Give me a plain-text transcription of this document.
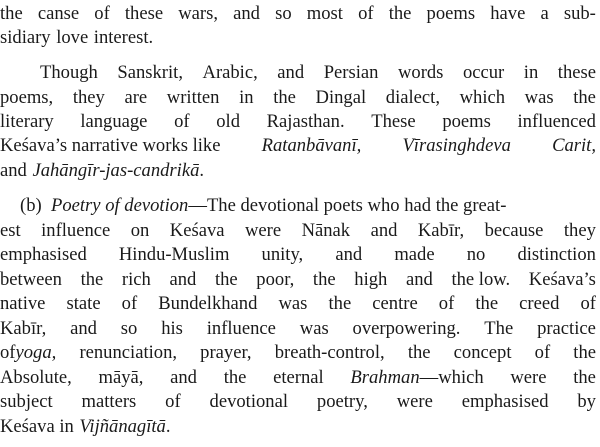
the canse of these wars, and so most of the poems have a sub-
sidiary love interest.
Though Sanskrit, Arabic, and Persian words occur in these
poems, they are written in the Dingal dialect, which was the
literary language of old Rajasthan. These poems influenced
Keśava’s narrative works like Ratanbāvanī, Vīrasinghdeva Carit,
and Jahāngīr-jas-candrikā.
(b) Poetry of devotion—The devotional poets who had the great-
est influence on Keśava were Nānak and Kabīr, because they
emphasised Hindu-Muslim unity, and made no distinction
between the rich and the poor, the high and the low. Keśava’s
native state of Bundelkhand was the centre of the creed of
Kabīr, and so his influence was overpowering. The practice
ofyoga, renunciation, prayer, breath-control, the concept of the
Absolute, māyā, and the eternal Brahman—which were the
subject matters of devotional poetry, were emphasised by
Keśava in Vijñānagītā.
